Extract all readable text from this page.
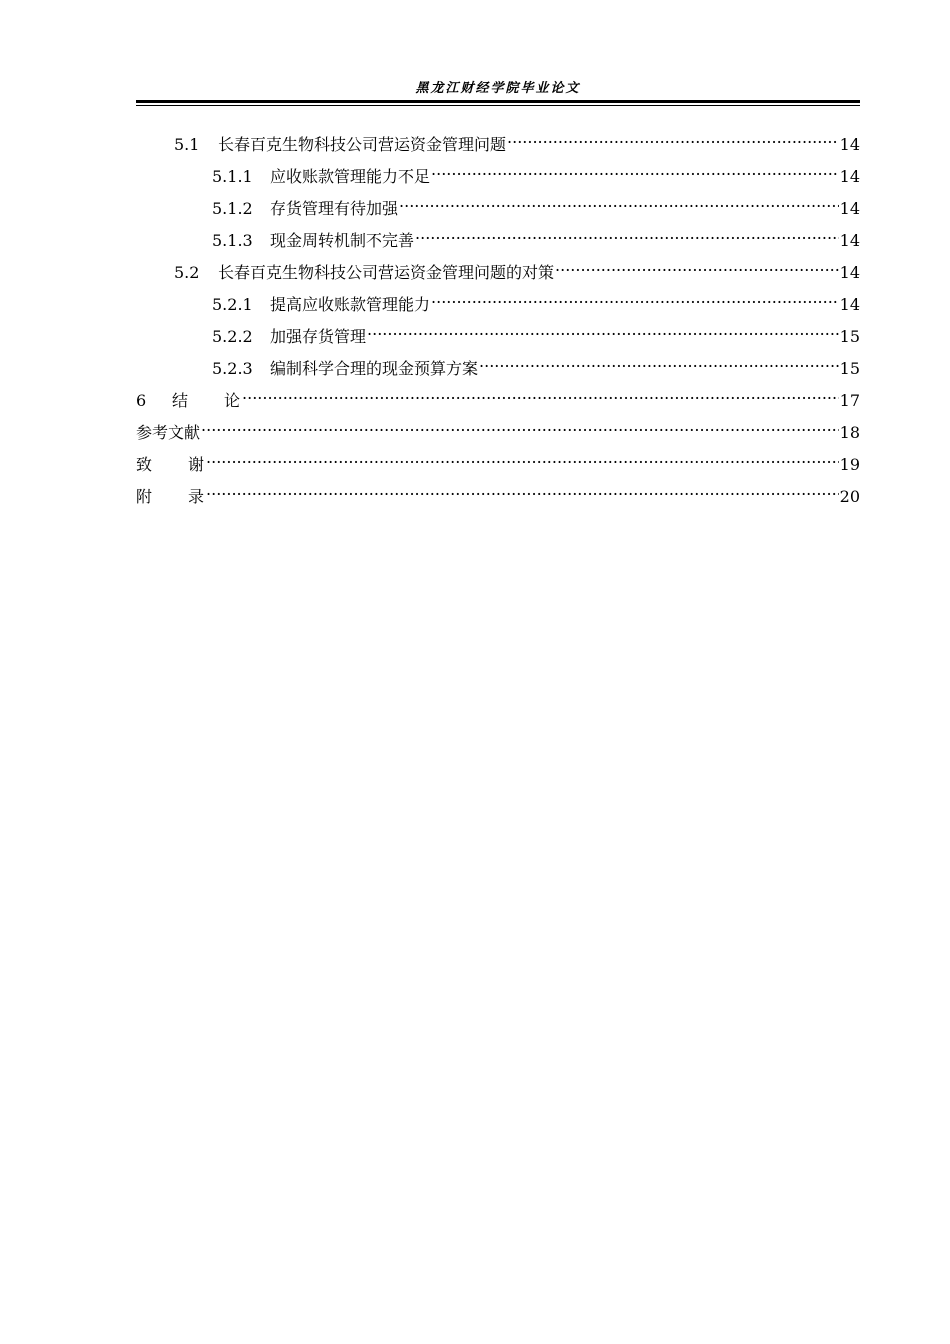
黑龙江财经学院毕业论文
5.1	长春百克生物科技公司营运资金管理问题 .....	14
5.1.1	应收账款管理能力不足 .....	14
5.1.2	存货管理有待加强 .....	14
5.1.3	现金周转机制不完善 .....	14
5.2	长春百克生物科技公司营运资金管理问题的对策 .....	14
5.2.1	提高应收账款管理能力 .....	14
5.2.2	加强存货管理 .....	15
5.2.3	编制科学合理的现金预算方案 .....	15
6	结论 .....	17
参考文献 .....	18
致谢 .....	19
附录 .....	20
